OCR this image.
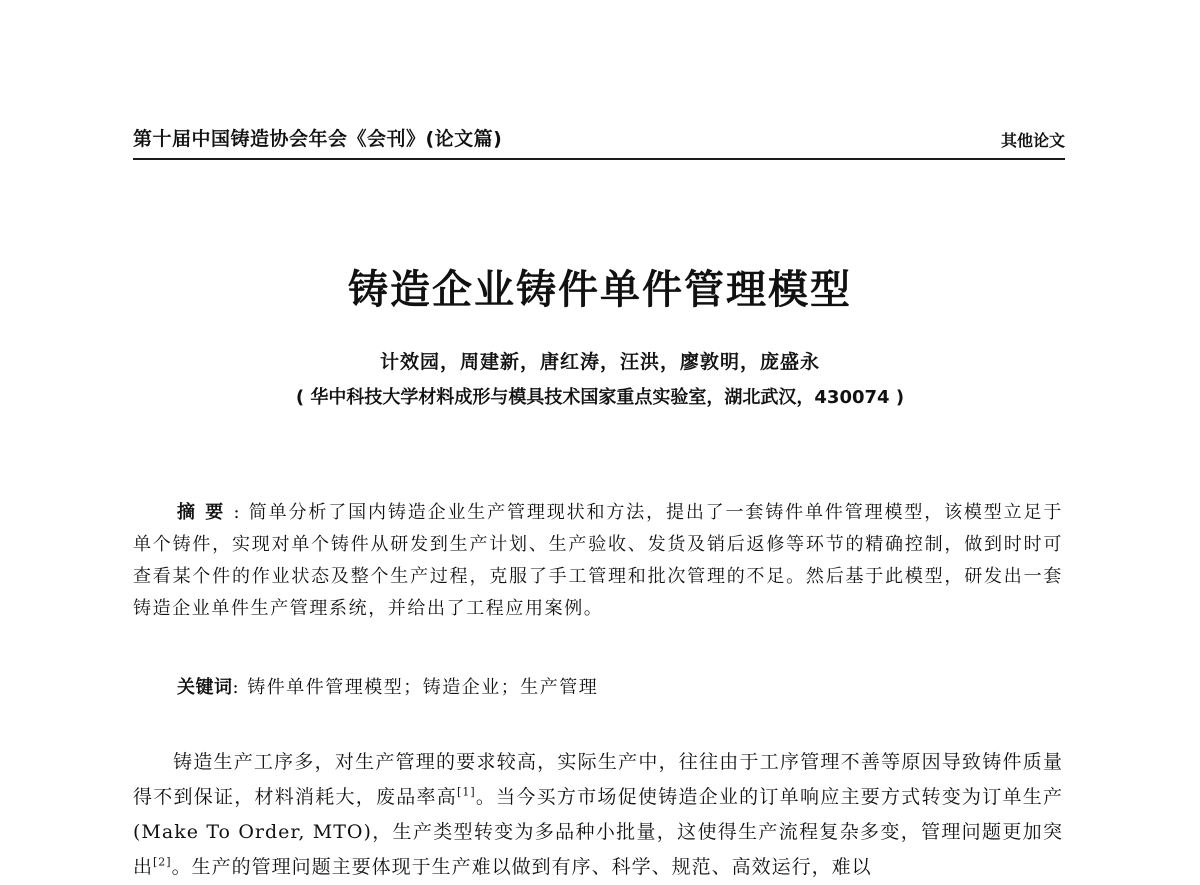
第十届中国铸造协会年会《会刊》(论文篇)	其他论文
铸造企业铸件单件管理模型
计效园，周建新，唐红涛，汪洪，廖敦明，庞盛永
( 华中科技大学材料成形与模具技术国家重点实验室，湖北武汉，430074 )
摘要: 简单分析了国内铸造企业生产管理现状和方法，提出了一套铸件单件管理模型，该模型立足于单个铸件，实现对单个铸件从研发到生产计划、生产验收、发货及销后返修等环节的精确控制，做到时时可查看某个件的作业状态及整个生产过程，克服了手工管理和批次管理的不足。然后基于此模型，研发出一套铸造企业单件生产管理系统，并给出了工程应用案例。
关键词: 铸件单件管理模型；铸造企业；生产管理
铸造生产工序多，对生产管理的要求较高，实际生产中，往往由于工序管理不善等原因导致铸件质量得不到保证，材料消耗大，废品率高[1]。当今买方市场促使铸造企业的订单响应主要方式转变为订单生产 (Make To Order, MTO)，生产类型转变为多品种小批量，这使得生产流程复杂多变，管理问题更加突出[2]。生产的管理问题主要体现于生产难以做到有序、科学、规范、高效运行，难以
